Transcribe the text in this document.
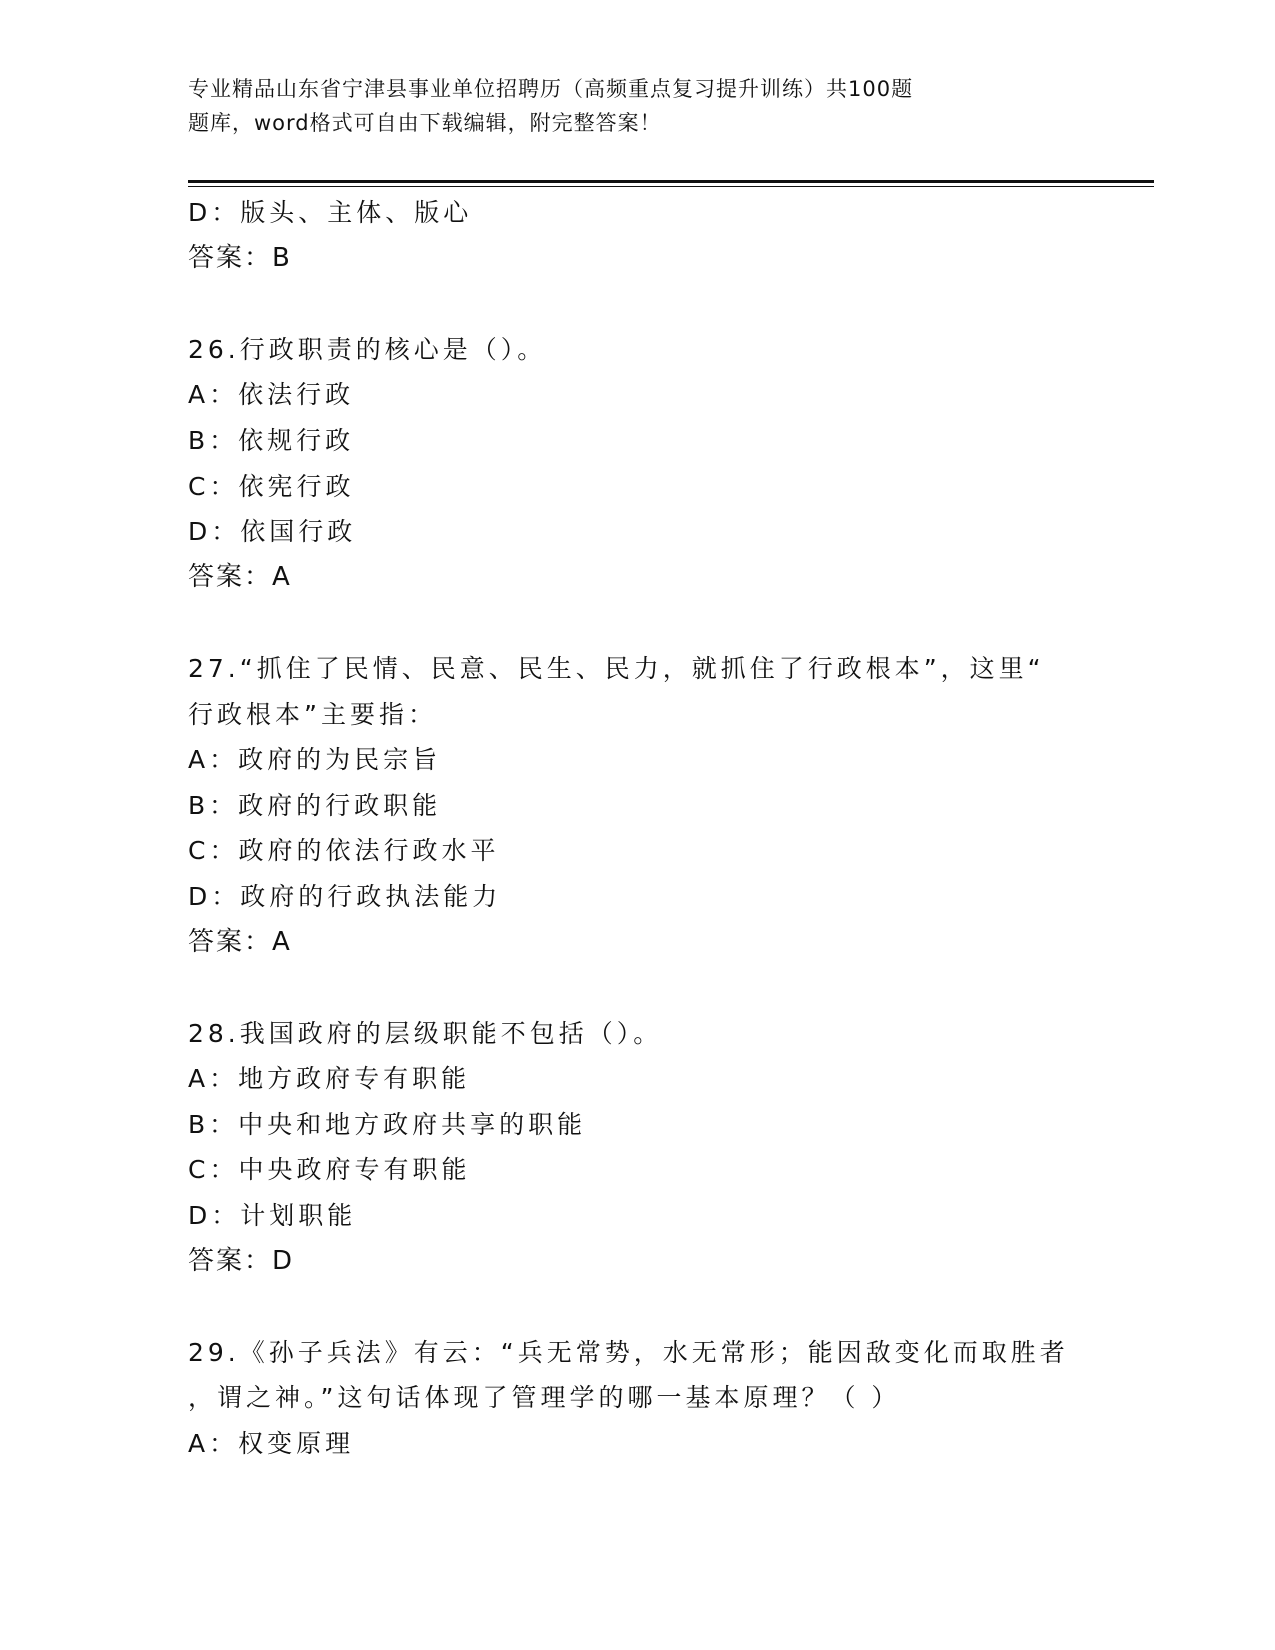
专业精品山东省宁津县事业单位招聘历（高频重点复习提升训练）共100题
题库，word格式可自由下载编辑，附完整答案！
D：版头、主体、版心
答案：B
26.行政职责的核心是（）。
A：依法行政
B：依规行政
C：依宪行政
D：依国行政
答案：A
27.“抓住了民情、民意、民生、民力，就抓住了行政根本”，这里“
行政根本”主要指：
A：政府的为民宗旨
B：政府的行政职能
C：政府的依法行政水平
D：政府的行政执法能力
答案：A
28.我国政府的层级职能不包括（）。
A：地方政府专有职能
B：中央和地方政府共享的职能
C：中央政府专有职能
D：计划职能
答案：D
29.《孙子兵法》有云：“兵无常势，水无常形；能因敌变化而取胜者
，谓之神。”这句话体现了管理学的哪一基本原理？（ ）
A：权变原理
